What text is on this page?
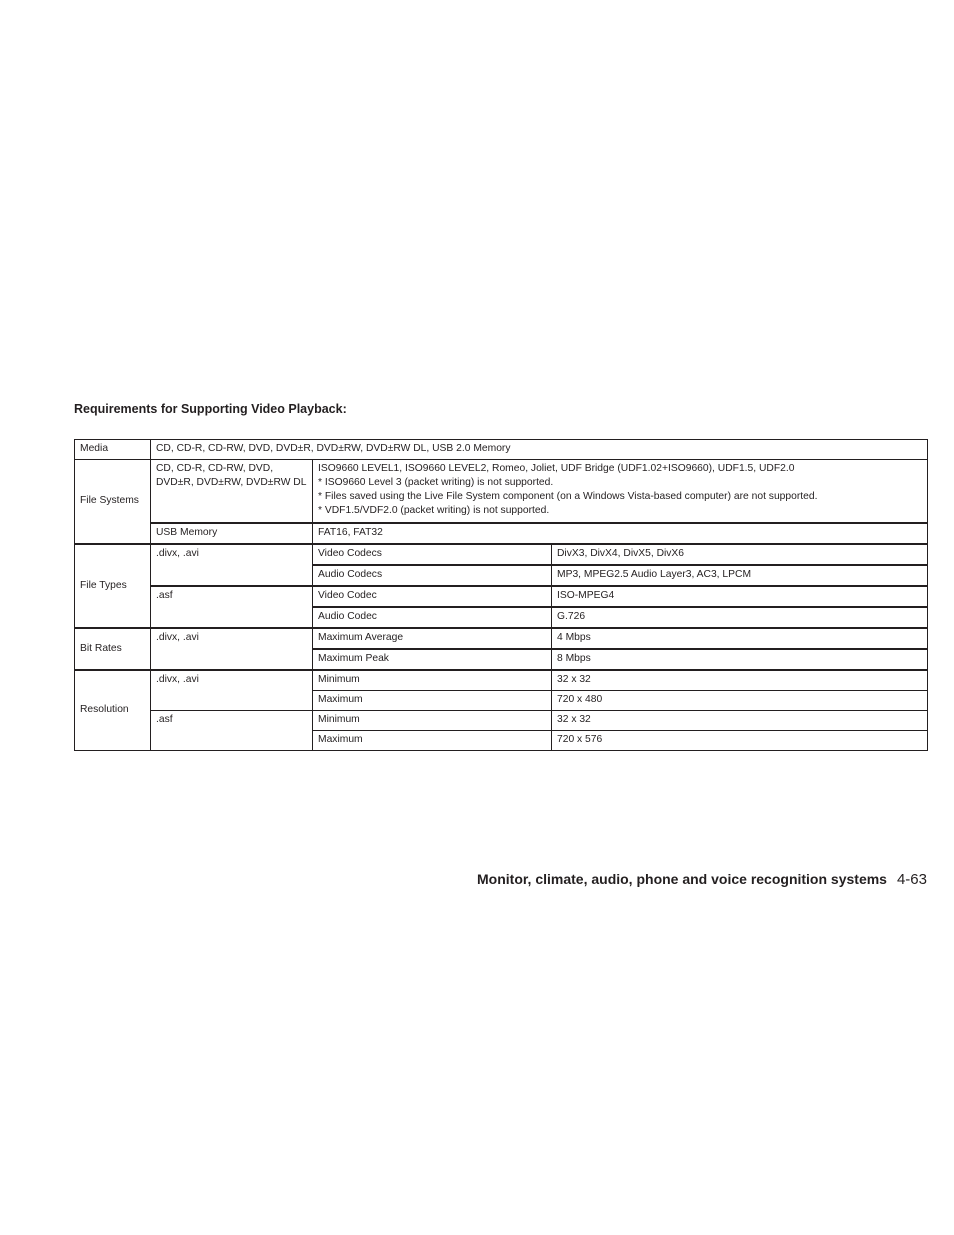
Requirements for Supporting Video Playback:
Media	CD, CD-R, CD-RW, DVD, DVD±R, DVD±RW, DVD±RW DL, USB 2.0 Memory		
File Systems	CD, CD-R, CD-RW, DVD, DVD±R, DVD±RW, DVD±RW DL	ISO9660 LEVEL1, ISO9660 LEVEL2, Romeo, Joliet, UDF Bridge (UDF1.02+ISO9660), UDF1.5, UDF2.0
* ISO9660 Level 3 (packet writing) is not supported.
* Files saved using the Live File System component (on a Windows Vista-based computer) are not supported.
* VDF1.5/VDF2.0 (packet writing) is not supported.	

	USB Memory	FAT16, FAT32	
File Types	.divx, .avi	Video Codecs	DivX3, DivX4, DivX5, DivX6
		Audio Codecs	MP3, MPEG2.5 Audio Layer3, AC3, LPCM
	.asf	Video Codec	ISO-MPEG4
		Audio Codec	G.726
Bit Rates	.divx, .avi	Maximum Average	4 Mbps
		Maximum Peak	8 Mbps
Resolution	.divx, .avi	Minimum	32 x 32
		Maximum	720 x 480
	.asf	Minimum	32 x 32
		Maximum	720 x 576
Monitor, climate, audio, phone and voice recognition systems 4-63
